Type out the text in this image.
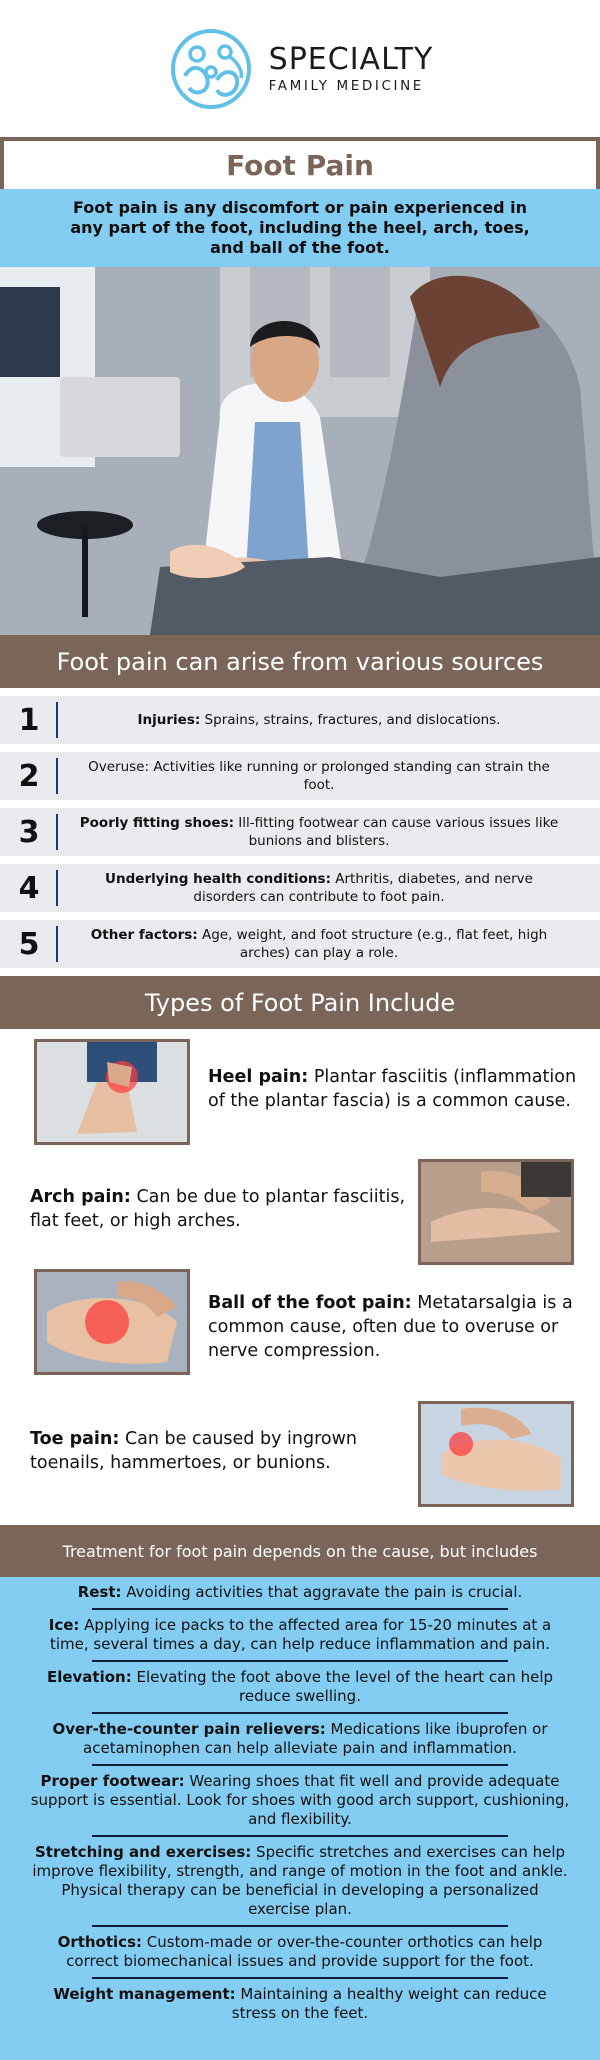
SPECIALTY
FAMILY MEDICINE
Foot Pain
Foot pain is any discomfort or pain experienced in any part of the foot, including the heel, arch, toes, and ball of the foot.
Foot pain can arise from various sources
1	Injuries: Sprains, strains, fractures, and dislocations.
2	Overuse: Activities like running or prolonged standing can strain the foot.
3	Poorly fitting shoes: Ill-fitting footwear can cause various issues like bunions and blisters.
4	Underlying health conditions: Arthritis, diabetes, and nerve disorders can contribute to foot pain.
5	Other factors: Age, weight, and foot structure (e.g., flat feet, high arches) can play a role.
Types of Foot Pain Include
Heel pain: Plantar fasciitis (inflammation of the plantar fascia) is a common cause.
Arch pain: Can be due to plantar fasciitis, flat feet, or high arches.
Ball of the foot pain: Metatarsalgia is a common cause, often due to overuse or nerve compression.
Toe pain: Can be caused by ingrown toenails, hammertoes, or bunions.
Treatment for foot pain depends on the cause, but includes
Rest: Avoiding activities that aggravate the pain is crucial.
Ice: Applying ice packs to the affected area for 15-20 minutes at a time, several times a day, can help reduce inflammation and pain.
Elevation: Elevating the foot above the level of the heart can help reduce swelling.
Over-the-counter pain relievers: Medications like ibuprofen or acetaminophen can help alleviate pain and inflammation.
Proper footwear: Wearing shoes that fit well and provide adequate support is essential. Look for shoes with good arch support, cushioning, and flexibility.
Stretching and exercises: Specific stretches and exercises can help improve flexibility, strength, and range of motion in the foot and ankle. Physical therapy can be beneficial in developing a personalized exercise plan.
Orthotics: Custom-made or over-the-counter orthotics can help correct biomechanical issues and provide support for the foot.
Weight management: Maintaining a healthy weight can reduce stress on the feet.
